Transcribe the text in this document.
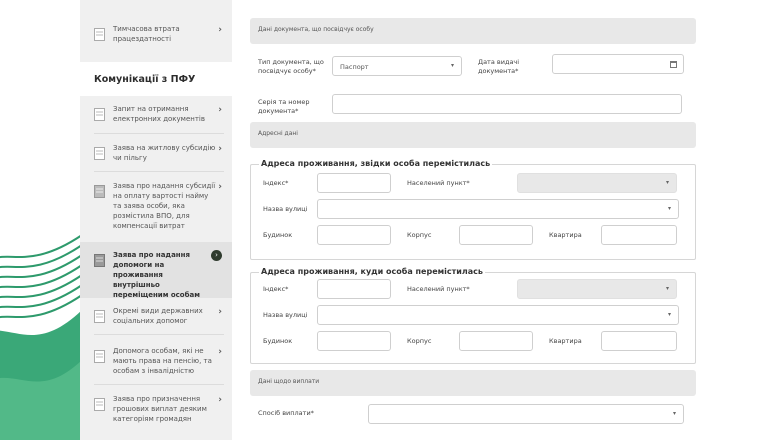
Тимчасова втрата працездатності
›
Комунікації з ПФУ
Запит на отримання електронних документів
›
Заява на житлову субсидію чи пільгу
›
Заява про надання субсидії на оплату вартості найму та заява особи, яка розмістила ВПО, для компенсації витрат
›
Заява про надання допомоги на проживання внутрішньо переміщеним особам
›
Окремі види державних соціальних допомог
›
Допомога особам, які не мають права на пенсію, та особам з інвалідністю
›
Заява про призначення грошових виплат деяким категоріям громадян
›
Дані документа, що посвідчує особу
Тип документа, що посвідчує особу*	Паспорт	▾	Дата видачі документа*
Серія та номер документа*
Адресні дані
Адреса проживання, звідки особа перемістилась
Індекс*	Населений пункт*	▾
Назва вулиці	▾
Будинок	Корпус	Квартира
Адреса проживання, куди особа перемістилась
Індекс*	Населений пункт*	▾
Назва вулиці	▾
Будинок	Корпус	Квартира
Дані щодо виплати
Спосіб виплати*	▾
